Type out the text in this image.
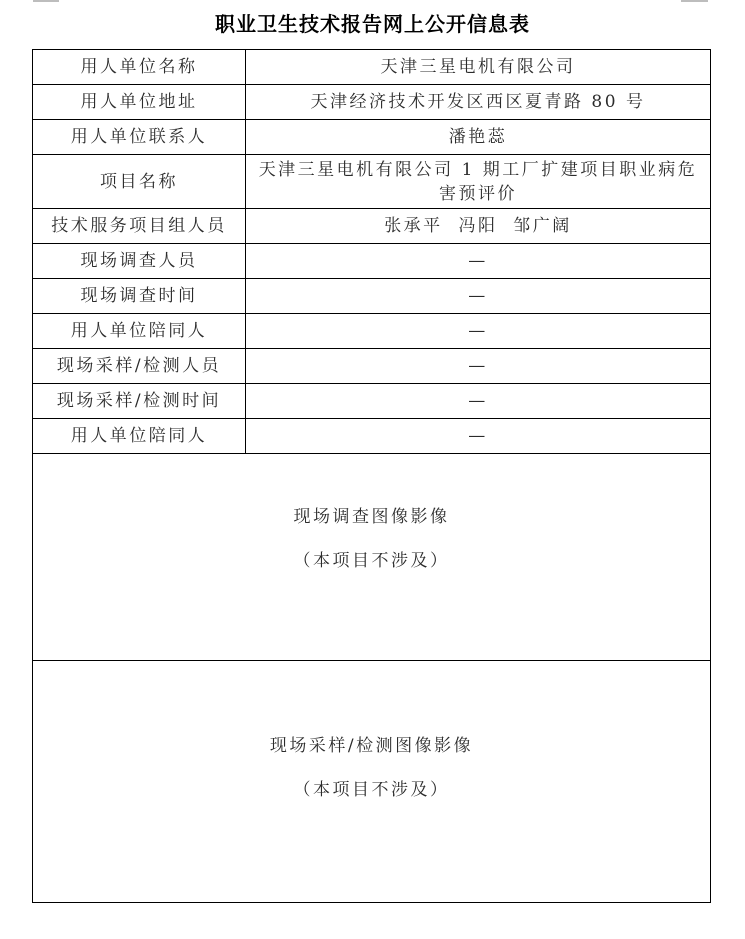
职业卫生技术报告网上公开信息表
用人单位名称	天津三星电机有限公司
用人单位地址	天津经济技术开发区西区夏青路 80 号
用人单位联系人	潘艳蕊
项目名称	天津三星电机有限公司 1 期工厂扩建项目职业病危害预评价
技术服务项目组人员	张承平  冯阳  邹广阔
现场调查人员	—
现场调查时间	—
用人单位陪同人	—
现场采样/检测人员	—
现场采样/检测时间	—
用人单位陪同人	—

现场调查图像影像
（本项目不涉及）	

现场采样/检测图像影像
（本项目不涉及）	
